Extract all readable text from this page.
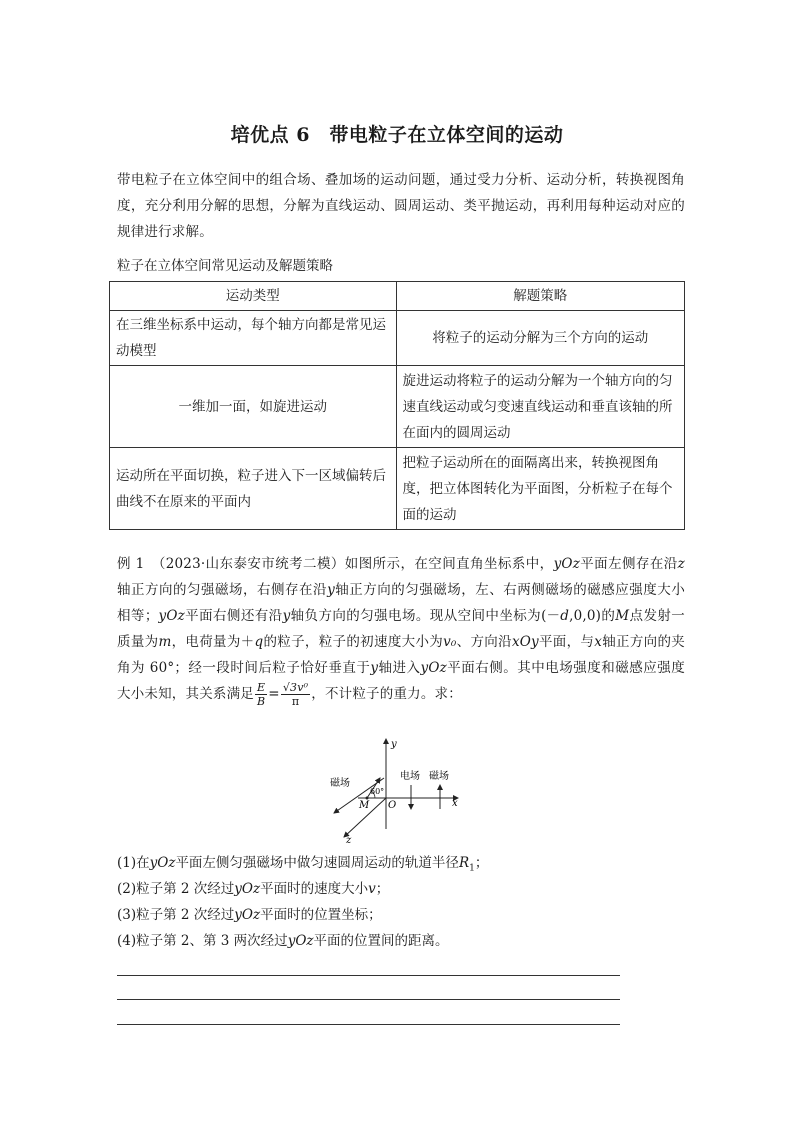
培优点 6　带电粒子在立体空间的运动
带电粒子在立体空间中的组合场、叠加场的运动问题，通过受力分析、运动分析，转换视图角度，充分利用分解的思想，分解为直线运动、圆周运动、类平抛运动，再利用每种运动对应的规律进行求解。
粒子在立体空间常见运动及解题策略
运动类型	解题策略
在三维坐标系中运动，每个轴方向都是常见运动模型	将粒子的运动分解为三个方向的运动
一维加一面，如旋进运动	旋进运动将粒子的运动分解为一个轴方向的匀速直线运动或匀变速直线运动和垂直该轴的所在面内的圆周运动
运动所在平面切换，粒子进入下一区域偏转后曲线不在原来的平面内	把粒子运动所在的面隔离出来，转换视图角度，把立体图转化为平面图，分析粒子在每个面的运动
例 1　 （2023·山东泰安市统考二模）如图所示，在空间直角坐标系中，yOz平面左侧存在沿z轴正方向的匀强磁场，右侧存在沿y轴正方向的匀强磁场，左、右两侧磁场的磁感应强度大小相等；yOz平面右侧还有沿y轴负方向的匀强电场。现从空间中坐标为(－d,0,0)的M点发射一质量为m，电荷量为＋q的粒子，粒子的初速度大小为v₀、方向沿xOy平面，与x轴正方向的夹角为 60°；经一段时间后粒子恰好垂直于y轴进入yOz平面右侧。其中电场强度和磁感应强度大小未知，其关系满足 $\frac{E}{B} = \frac{\text{√3v⁰}}{\pi}$ ，不计粒子的重力。求：
y
x
z
O
M
60°
磁场
电场 磁场
(1)在yOz平面左侧匀强磁场中做匀速圆周运动的轨道半径$R_1$；
(2)粒子第 2 次经过yOz平面时的速度大小v；
(3)粒子第 2 次经过yOz平面时的位置坐标；
(4)粒子第 2、第 3 两次经过yOz平面的位置间的距离。
